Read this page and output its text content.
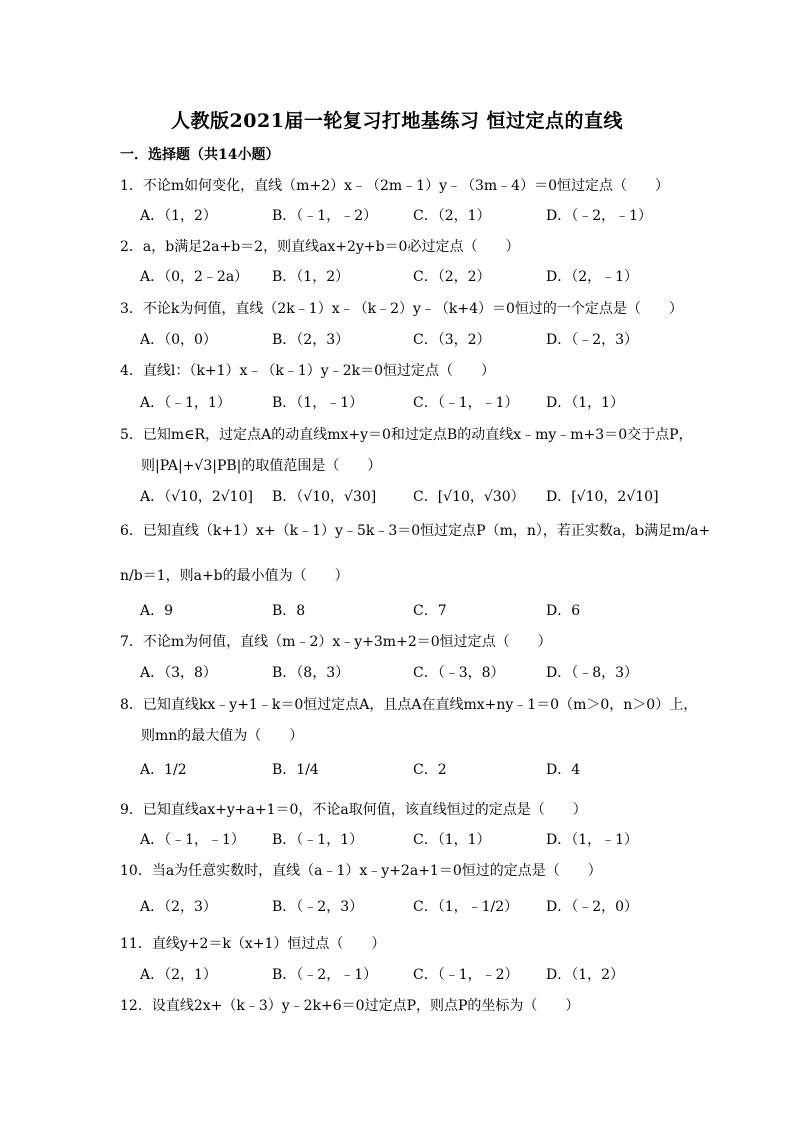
人教版2021届一轮复习打地基练习 恒过定点的直线
一．选择题（共14小题）
1．不论m如何变化，直线（m+2）x﹣（2m﹣1）y﹣（3m﹣4）＝0恒过定点（　　）
A．（1，2）	B．（﹣1，﹣2）	C．（2，1）	D．（﹣2，﹣1）
2．a，b满足2a+b＝2，则直线ax+2y+b＝0必过定点（　　）
A．（0，2﹣2a） B．（1，2）	C．（2，2）	D．（2，﹣1）
3．不论k为何值，直线（2k﹣1）x﹣（k﹣2）y﹣（k+4）＝0恒过的一个定点是（　　）
A．（0，0）	B．（2，3）	C．（3，2）	D．（﹣2，3）
4．直线l：（k+1）x﹣（k﹣1）y﹣2k＝0恒过定点（　　）
A．（﹣1，1）	B．（1，﹣1）	C．（﹣1，﹣1） D．（1，1）
5．已知m∈R，过定点A的动直线mx+y＝0和过定点B的动直线x﹣my﹣m+3＝0交于点P，
则|PA|+√3|PB|的取值范围是（　　）
A．（√10，2√10] B．（√10，√30]	C．[√10，√30） D．[√10，2√10]
6．已知直线（k+1）x+（k﹣1）y﹣5k﹣3＝0恒过定点P（m，n），若正实数a，b满足m/a+
n/b＝1，则a+b的最小值为（　　）
A．9	B．8	C．7	D．6
7．不论m为何值，直线（m﹣2）x﹣y+3m+2＝0恒过定点（　　）
A．（3，8）	B．（8，3）	C．（﹣3，8）	D．（﹣8，3）
8．已知直线kx﹣y+1﹣k＝0恒过定点A，且点A在直线mx+ny﹣1＝0（m＞0，n＞0）上，
则mn的最大值为（　　）
A．1/2	B．1/4	C．2	D．4
9．已知直线ax+y+a+1＝0，不论a取何值，该直线恒过的定点是（　　）
A．（﹣1，﹣1） B．（﹣1，1）	C．（1，1）	D．（1，﹣1）
10．当a为任意实数时，直线（a﹣1）x﹣y+2a+1＝0恒过的定点是（　　）
A．（2，3）	B．（﹣2，3）	C．（1，﹣1/2） D．（﹣2，0）
11．直线y+2＝k（x+1）恒过点（　　）
A．（2，1）	B．（﹣2，﹣1）	C．（﹣1，﹣2） D．（1，2）
12．设直线2x+（k﹣3）y﹣2k+6＝0过定点P，则点P的坐标为（　　）
